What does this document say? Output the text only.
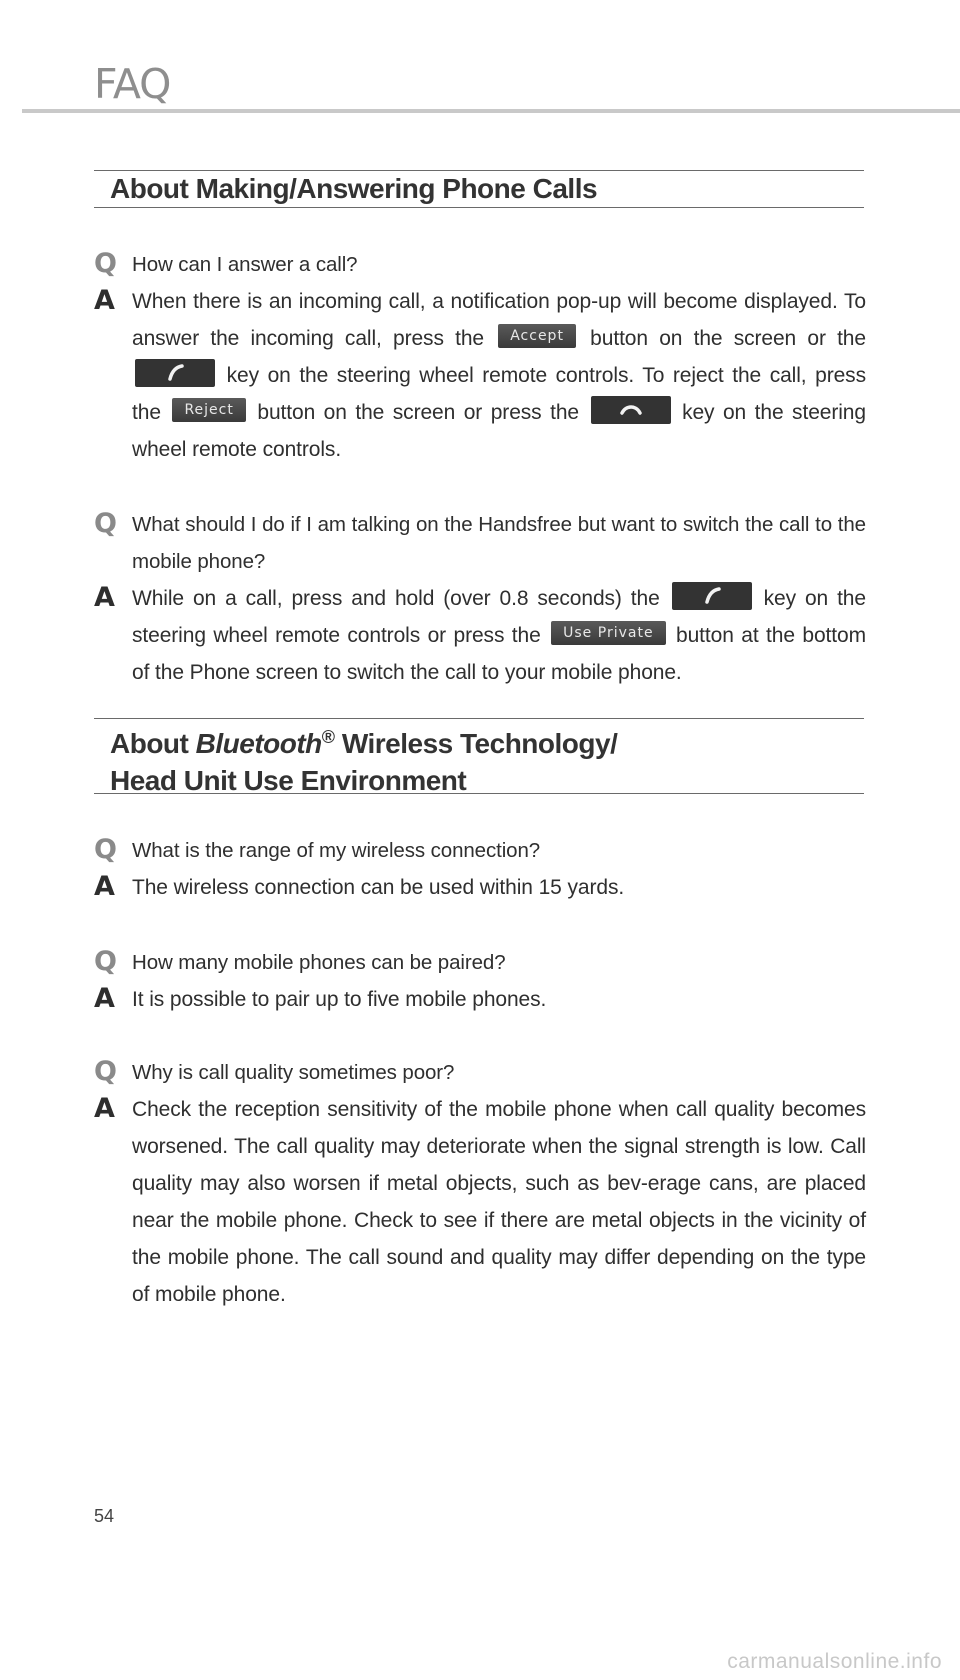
FAQ
About Making/Answering Phone Calls
Q How can I answer a call?
A When there is an incoming call, a notification pop-up will become displayed. To answer the incoming call, press the Accept button on the screen or the
key on the steering wheel remote controls. To reject the call, press the Reject button on the screen or press the	key on the steering wheel remote controls.
Q What should I do if I am talking on the Handsfree but want to switch the call to the mobile phone?
A While on a call, press and hold (over 0.8 seconds) the	key on the steering wheel remote controls or press the Use Private button at the bottom of the Phone screen to switch the call to your mobile phone.
About Bluetooth® Wireless Technology/
Head Unit Use Environment
Q What is the range of my wireless connection?
A The wireless connection can be used within 15 yards.
Q How many mobile phones can be paired?
A It is possible to pair up to five mobile phones.
Q Why is call quality sometimes poor?
A Check the reception sensitivity of the mobile phone when call quality becomes worsened. The call quality may deteriorate when the signal strength is low. Call quality may also worsen if metal objects, such as bev-erage cans, are placed near the mobile phone. Check to see if there are metal objects in the vicinity of the mobile phone. The call sound and quality may differ depending on the type of mobile phone.
54
carmanualsonline.info
